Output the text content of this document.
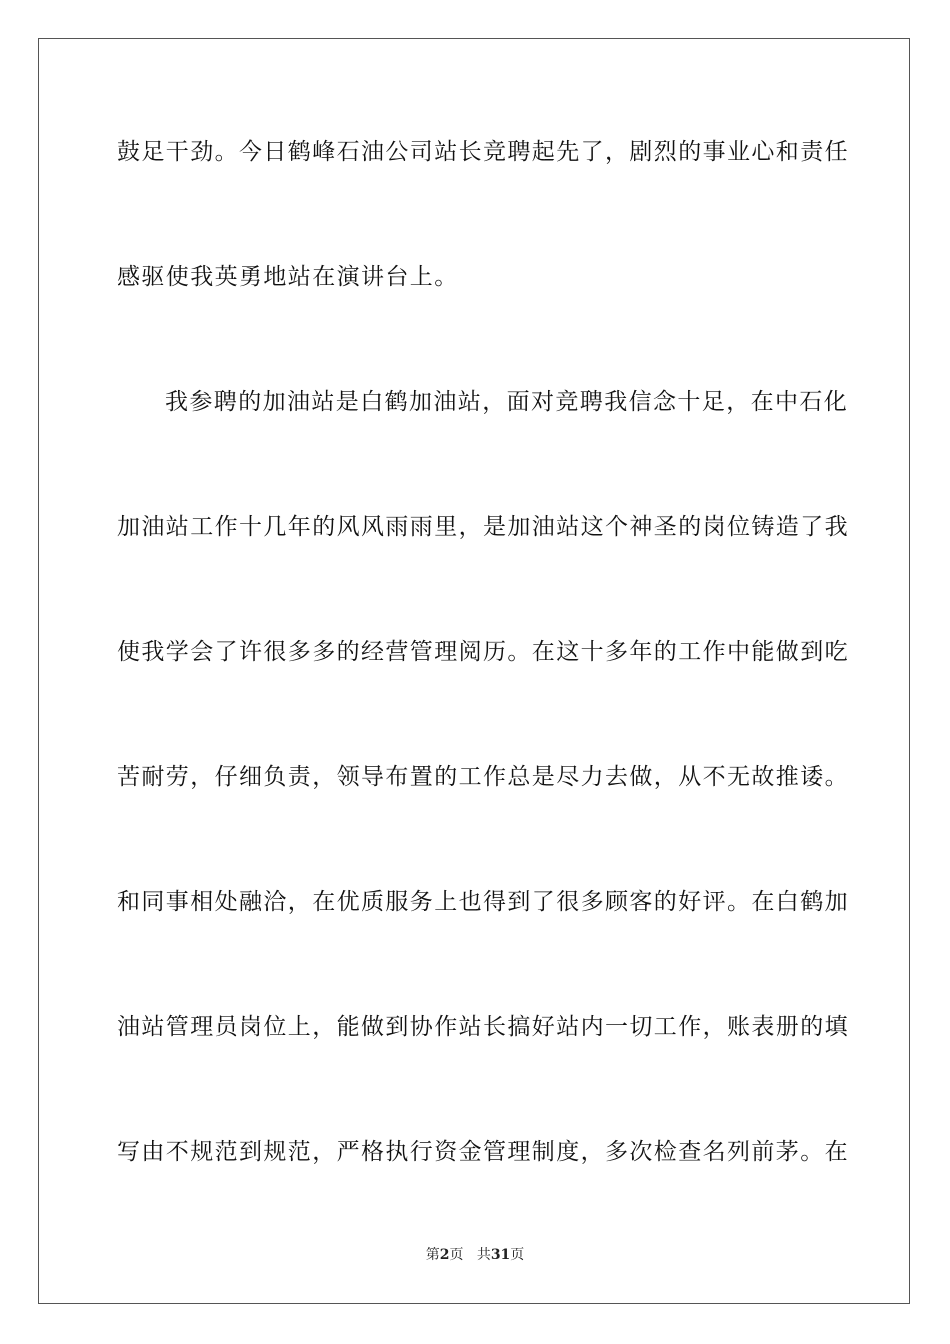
鼓足干劲。今日鹤峰石油公司站长竞聘起先了，剧烈的事业心和责任
感驱使我英勇地站在演讲台上。
我参聘的加油站是白鹤加油站，面对竞聘我信念十足，在中石化
加油站工作十几年的风风雨雨里，是加油站这个神圣的岗位铸造了我
使我学会了许很多多的经营管理阅历。在这十多年的工作中能做到吃
苦耐劳，仔细负责，领导布置的工作总是尽力去做，从不无故推诿。
和同事相处融洽，在优质服务上也得到了很多顾客的好评。在白鹤加
油站管理员岗位上，能做到协作站长搞好站内一切工作，账表册的填
写由不规范到规范，严格执行资金管理制度，多次检查名列前茅。在
第2页 共31页
